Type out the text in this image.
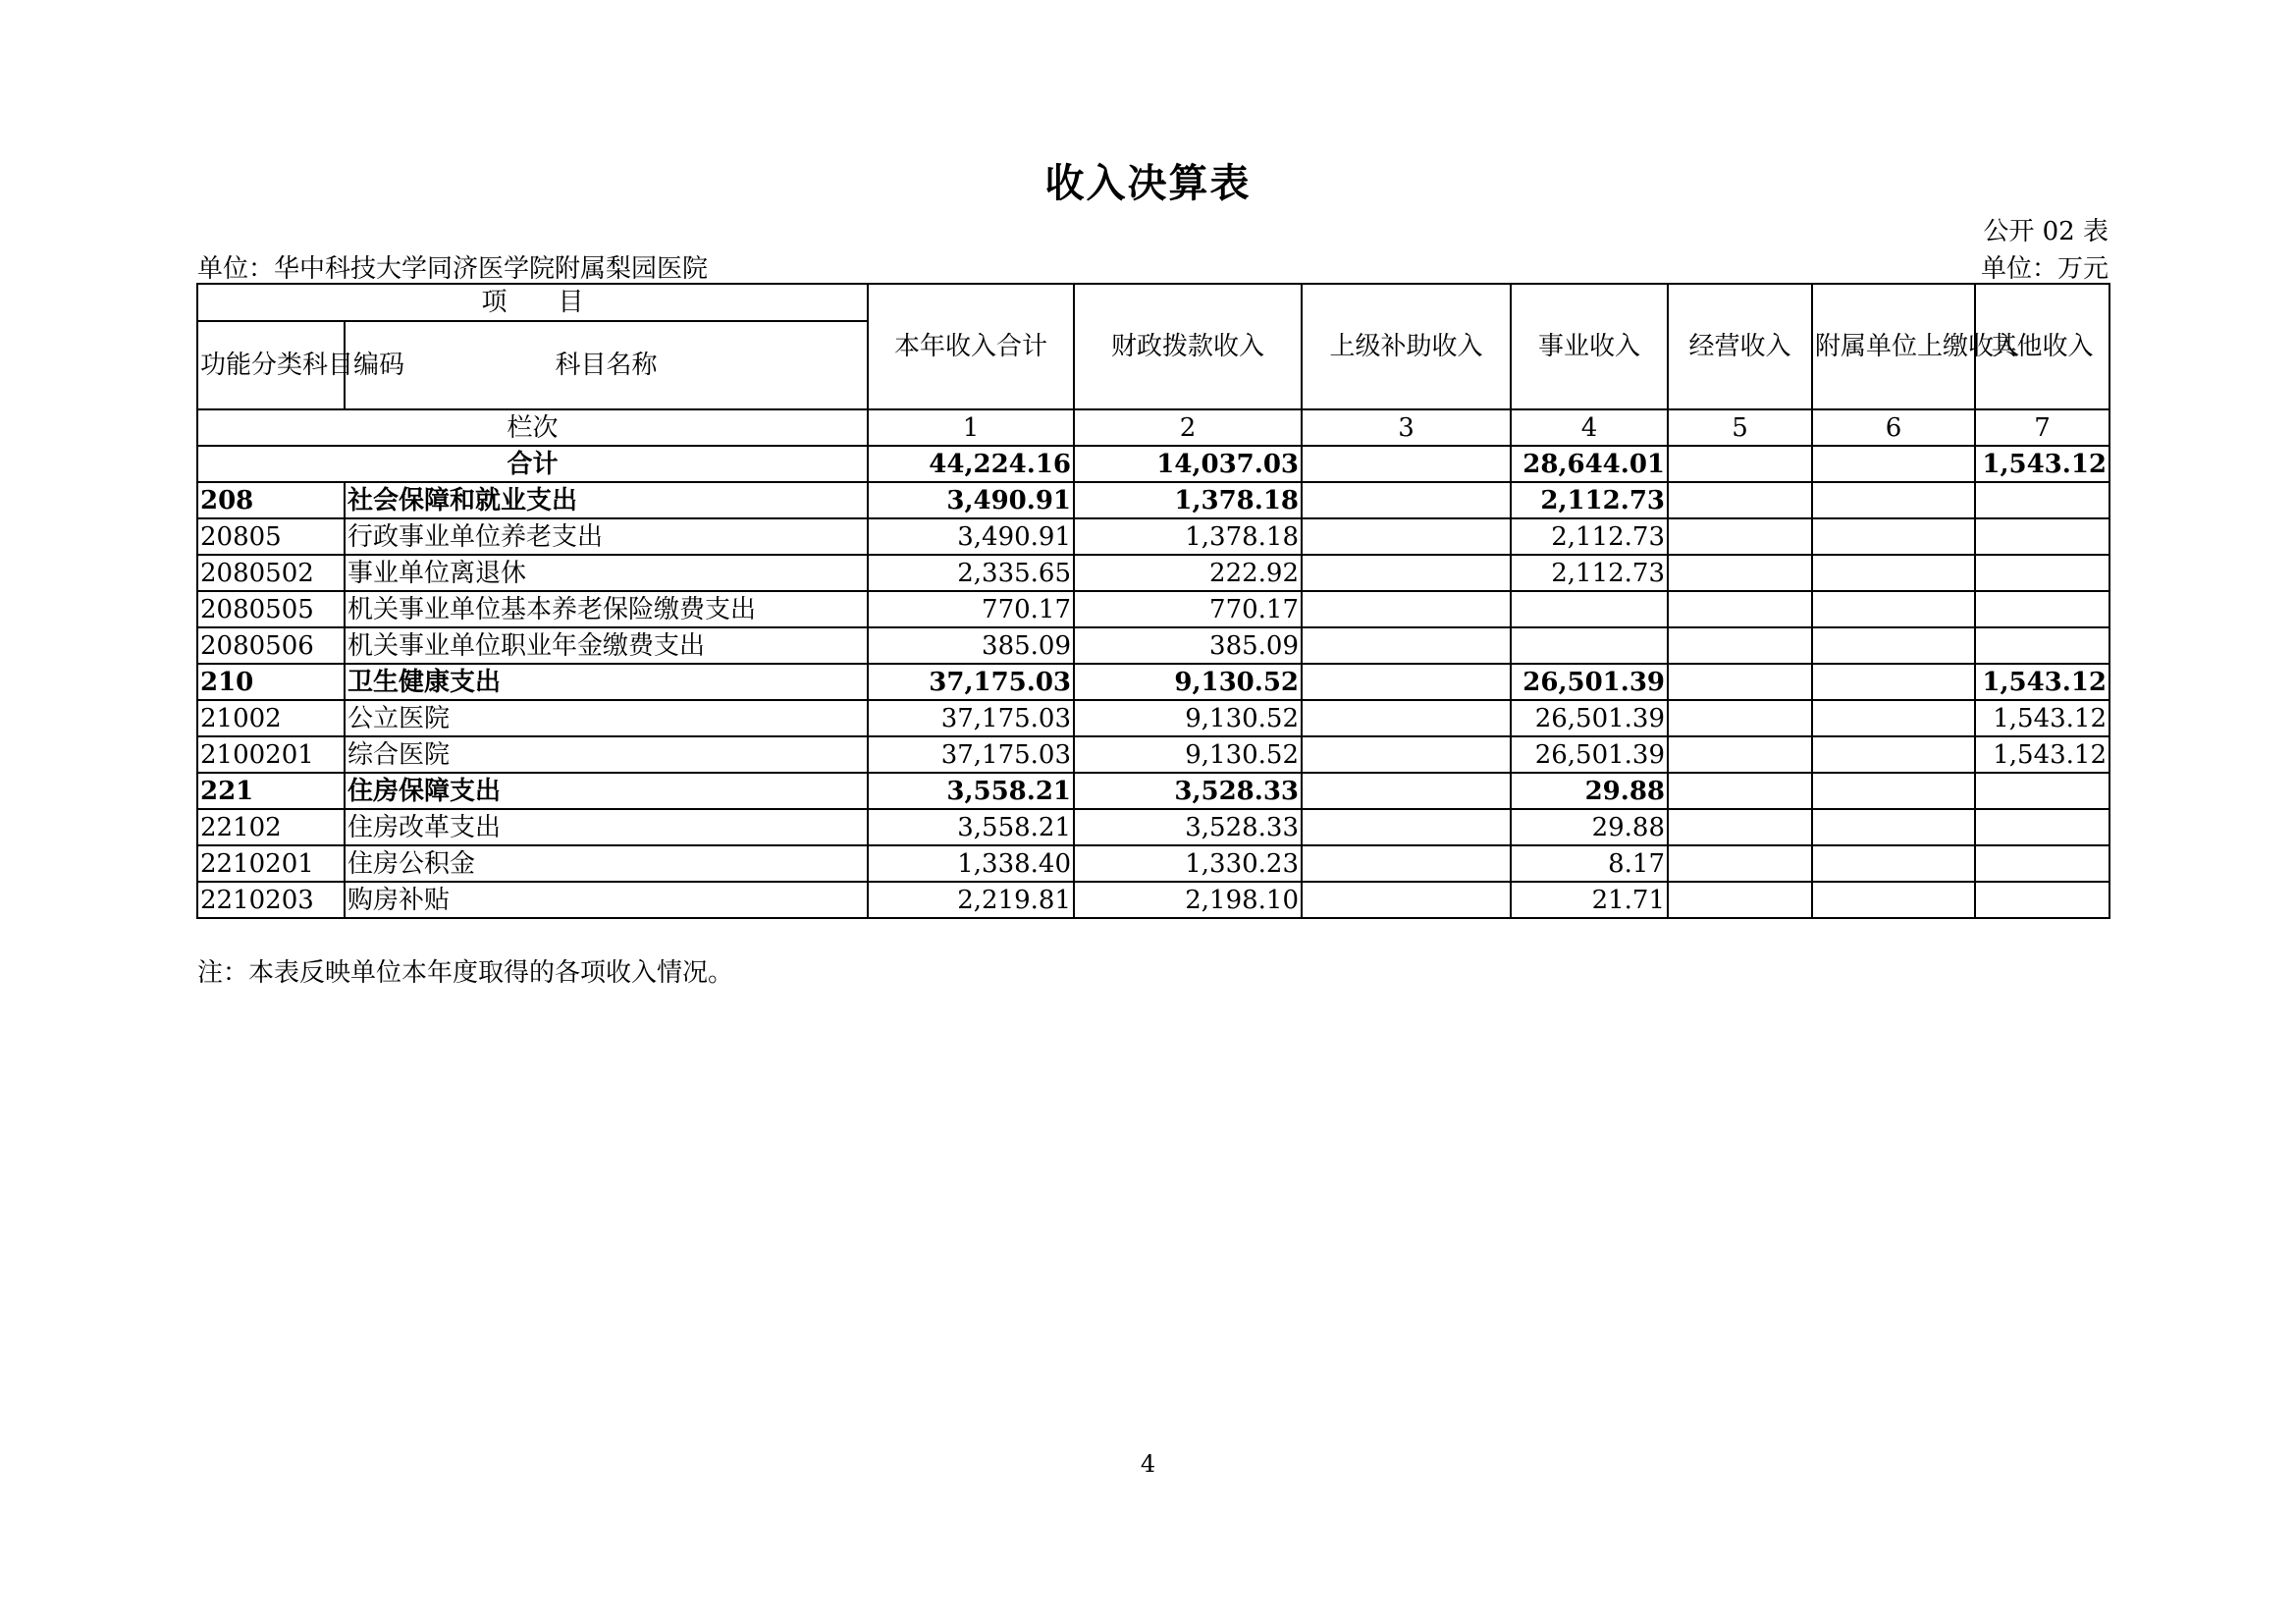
收入决算表
公开 02 表
单位：华中科技大学同济医学院附属梨园医院	单位：万元
项　　目		本年收入合计	财政拨款收入	上级补助收入	事业收入	经营收入	附属单位上缴收入	其他收入
功能分类科目编码	科目名称							
栏次		1	2	3	4	5	6	7
合计		44,224.16	14,037.03		28,644.01			1,543.12
208	社会保障和就业支出	3,490.91	1,378.18		2,112.73			
20805	行政事业单位养老支出	3,490.91	1,378.18		2,112.73			
2080502	事业单位离退休	2,335.65	222.92		2,112.73			
2080505	机关事业单位基本养老保险缴费支出	770.17	770.17					
2080506	机关事业单位职业年金缴费支出	385.09	385.09					
210	卫生健康支出	37,175.03	9,130.52		26,501.39			1,543.12
21002	公立医院	37,175.03	9,130.52		26,501.39			1,543.12
2100201	综合医院	37,175.03	9,130.52		26,501.39			1,543.12
221	住房保障支出	3,558.21	3,528.33		29.88			
22102	住房改革支出	3,558.21	3,528.33		29.88			
2210201	住房公积金	1,338.40	1,330.23		8.17			
2210203	购房补贴	2,219.81	2,198.10		21.71			
注：本表反映单位本年度取得的各项收入情况。
4
